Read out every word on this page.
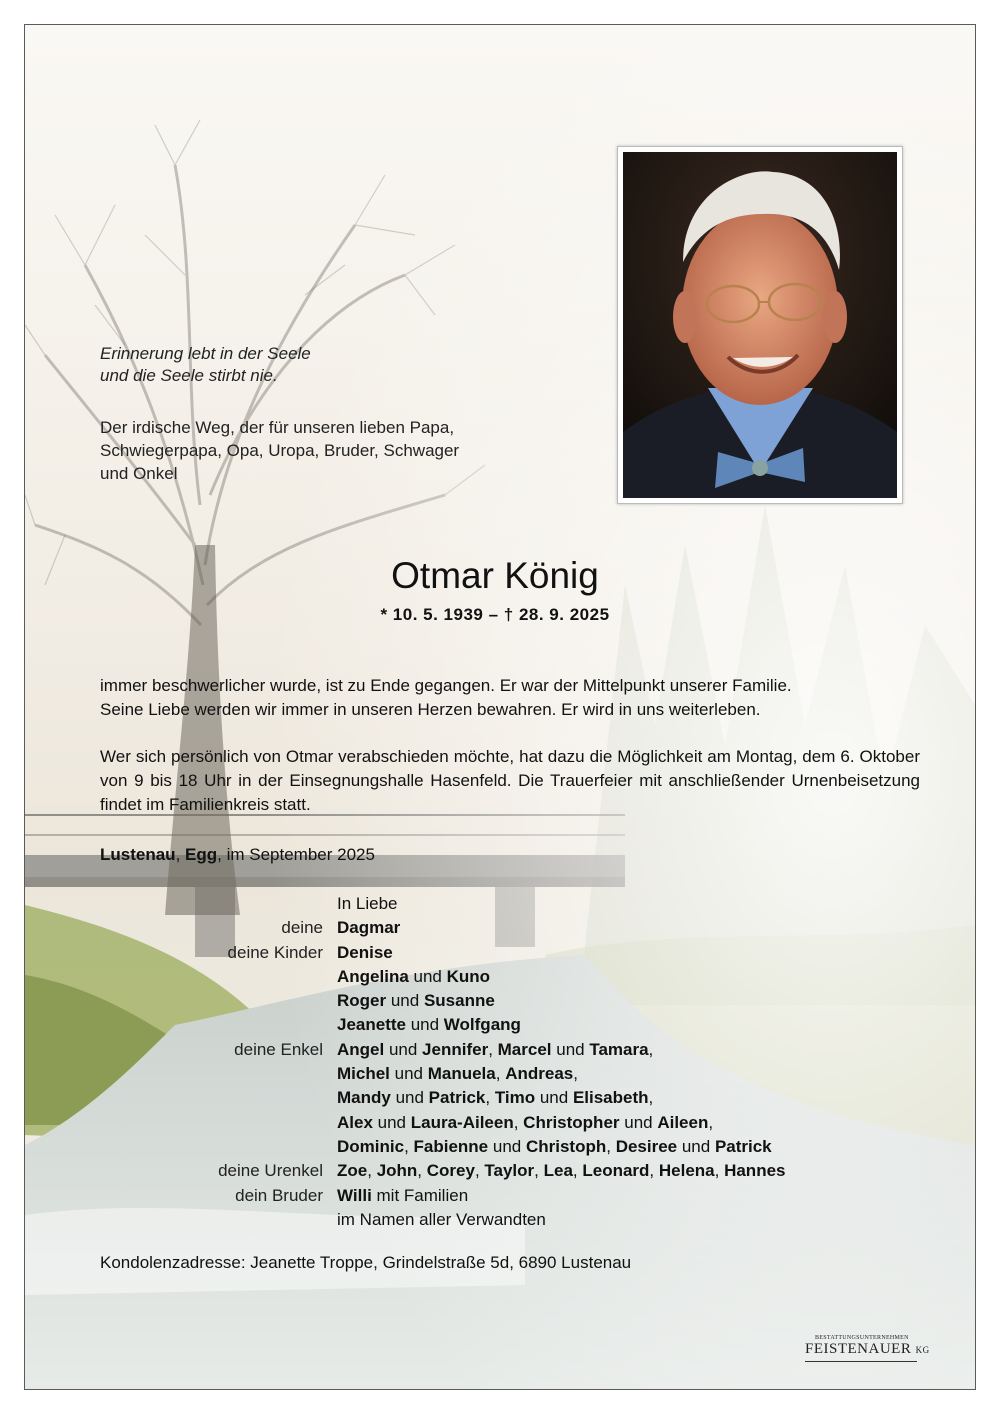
Erinnerung lebt in der Seele
und die Seele stirbt nie.
Der irdische Weg, der für unseren lieben Papa,
Schwiegerpapa, Opa, Uropa, Bruder, Schwager
und Onkel
Otmar König
* 10. 5. 1939 – † 28. 9. 2025
immer beschwerlicher wurde, ist zu Ende gegangen. Er war der Mittelpunkt unserer Familie.
Seine Liebe werden wir immer in unseren Herzen bewahren. Er wird in uns weiterleben.
Wer sich persönlich von Otmar verabschieden möchte, hat dazu die Möglichkeit am Montag, dem 6. Oktober von 9 bis 18 Uhr in der Einsegnungshalle Hasenfeld. Die Trauerfeier mit anschließender Urnenbeisetzung findet im Familienkreis statt.
Lustenau, Egg, im September 2025
In Liebe
deine Dagmar
deine Kinder Denise
Angelina und Kuno
Roger und Susanne
Jeanette und Wolfgang
deine Enkel Angel und Jennifer, Marcel und Tamara,
Michel und Manuela, Andreas,
Mandy und Patrick, Timo und Elisabeth,
Alex und Laura-Aileen, Christopher und Aileen,
Dominic, Fabienne und Christoph, Desiree und Patrick
deine Urenkel Zoe, John, Corey, Taylor, Lea, Leonard, Helena, Hannes
dein Bruder Willi mit Familien
im Namen aller Verwandten
Kondolenzadresse: Jeanette Troppe, Grindelstraße 5d, 6890 Lustenau
BESTATTUNGSUNTERNEHMEN
FEISTENAUER KG
